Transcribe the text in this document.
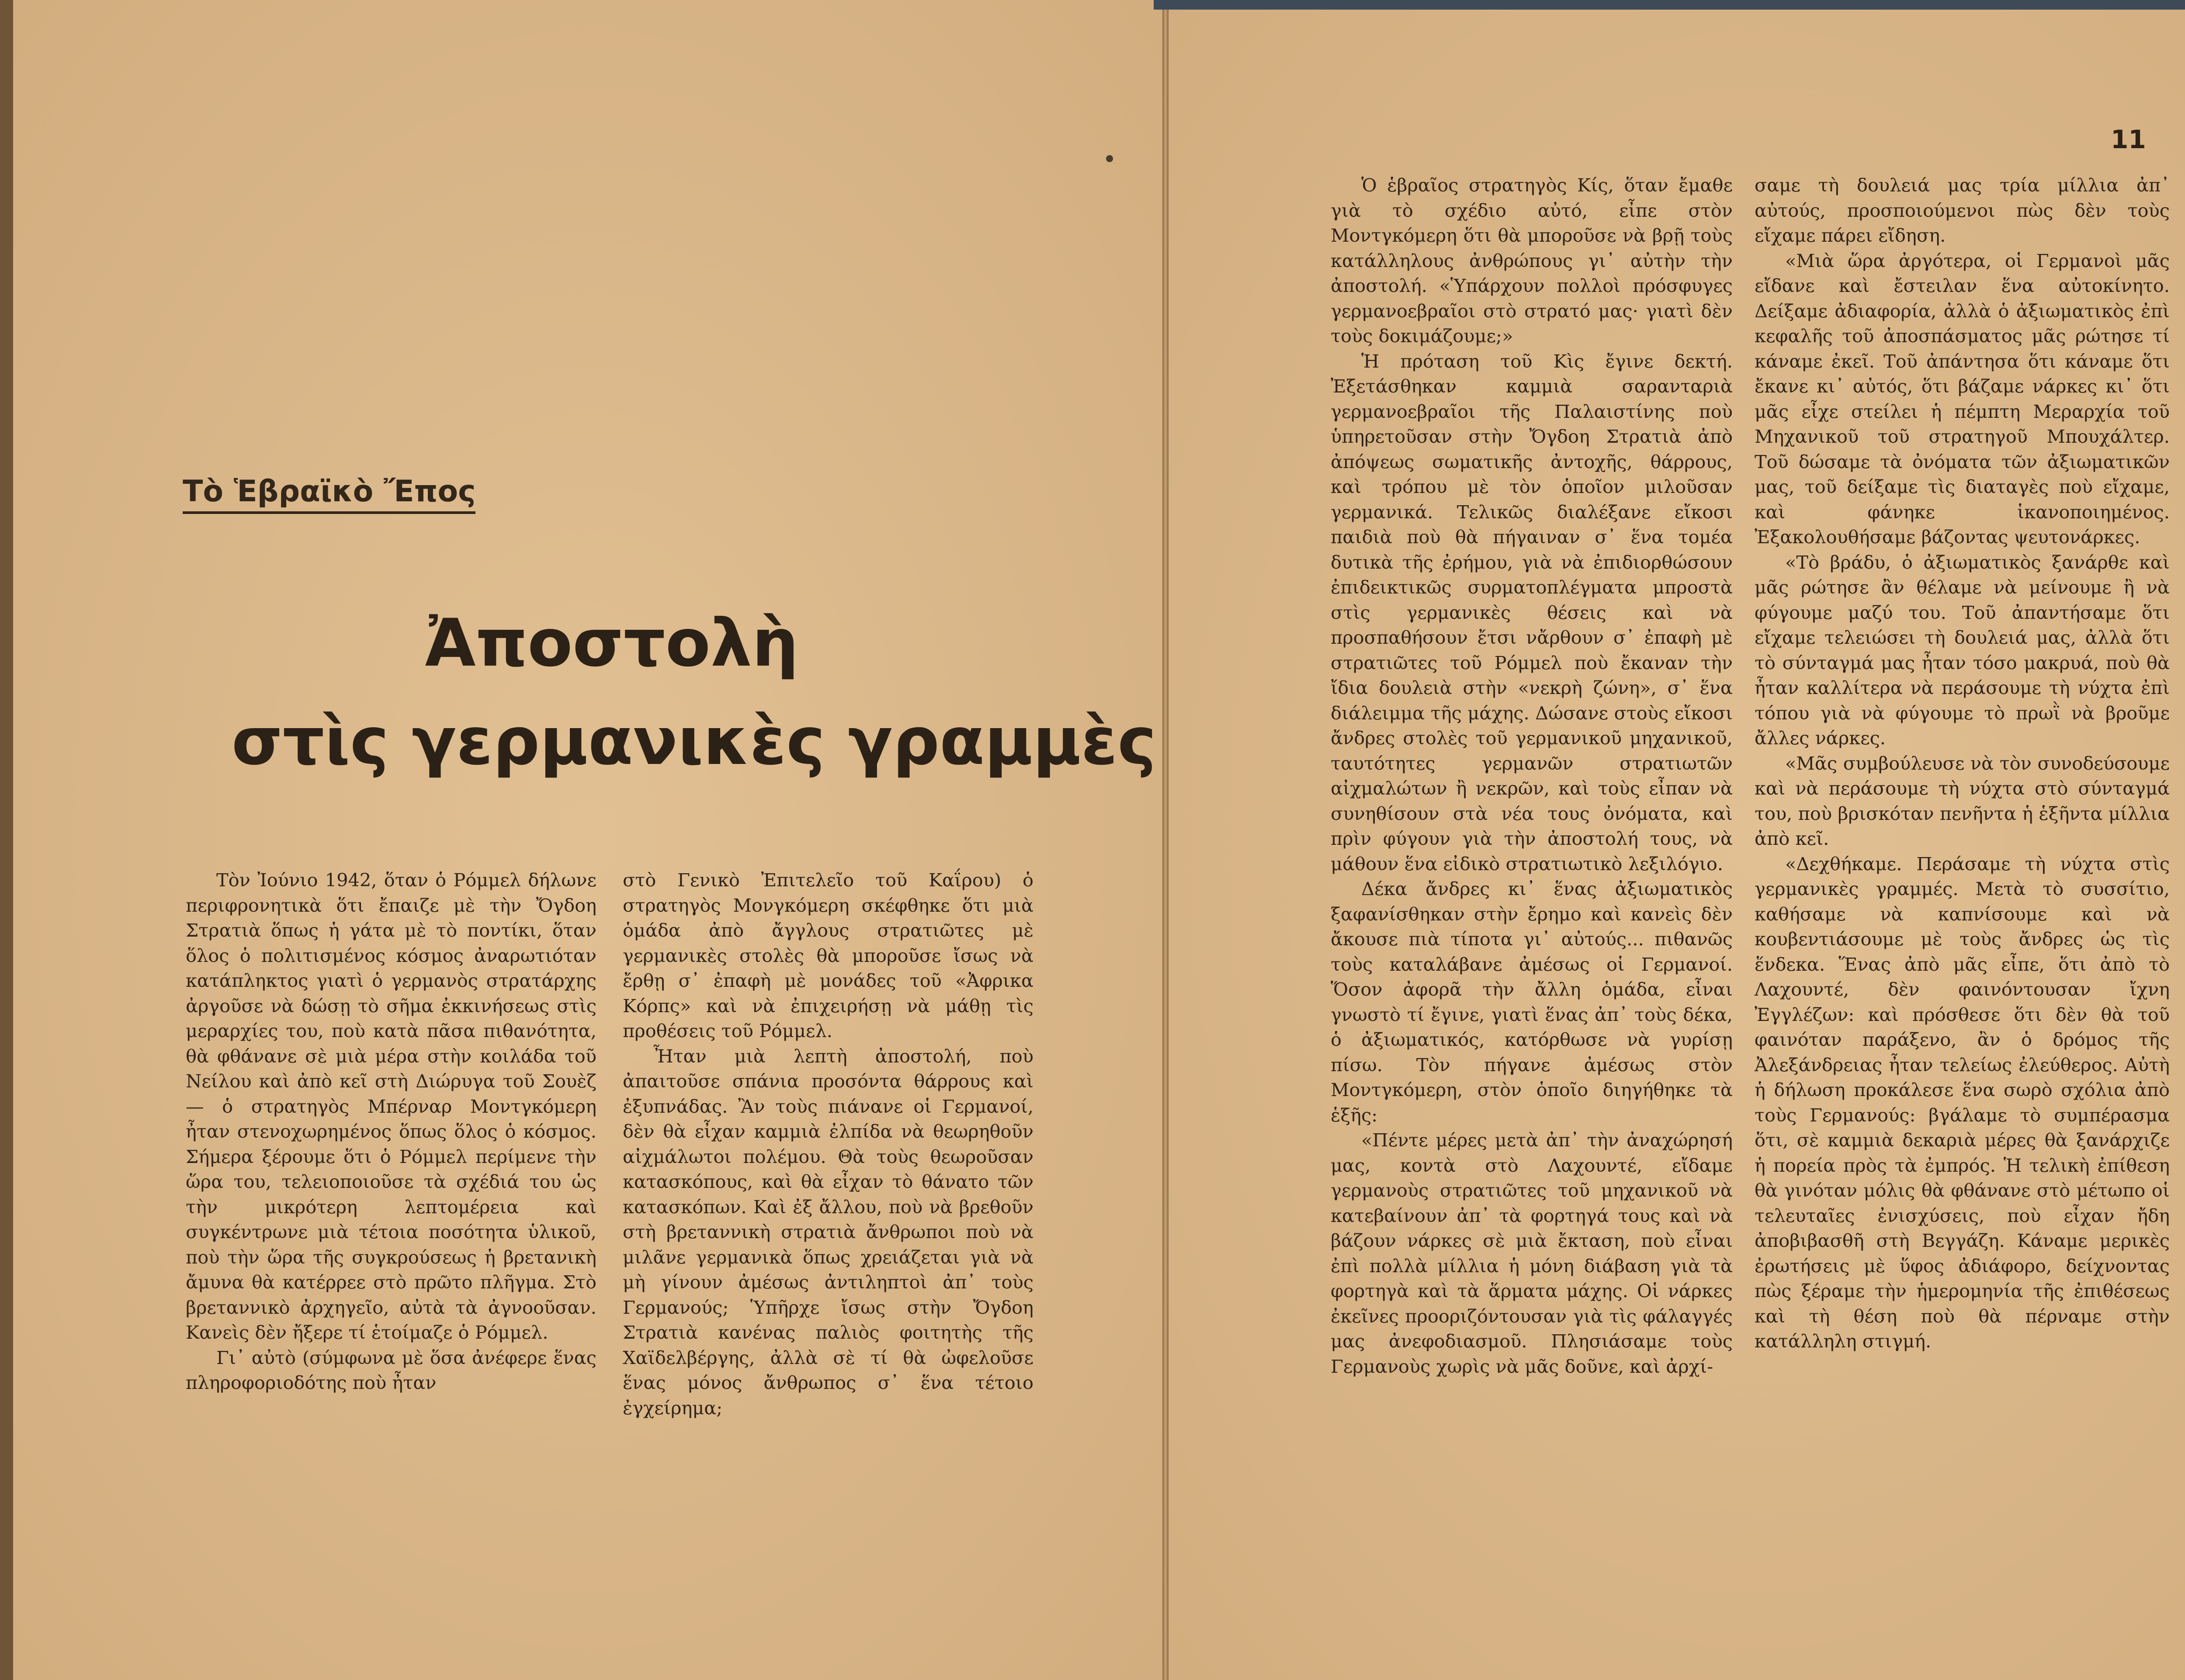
Τὸ Ἑβραϊκὸ Ἔπος
Ἀποστολὴ
στὶς γερμανικὲς γραμμὲς
11

Τὸν Ἰούνιο 1942, ὅταν ὁ Ρόμμελ δήλωνε περιφρονητικὰ ὅτι ἔπαιζε μὲ τὴν Ὄγδοη Στρατιὰ ὅπως ἡ γάτα μὲ τὸ ποντίκι, ὅταν ὅλος ὁ πολιτισμένος κόσμος ἀναρωτιόταν κατάπληκτος γιατὶ ὁ γερμανὸς στρατάρχης ἀργοῦσε νὰ δώσῃ τὸ σῆμα ἐκκινήσεως στὶς μεραρχίες του, ποὺ κατὰ πᾶσα πιθανότητα, θὰ φθάνανε σὲ μιὰ μέρα στὴν κοιλάδα τοῦ Νείλου καὶ ἀπὸ κεῖ στὴ Διώρυγα τοῦ Σουὲζ — ὁ στρατηγὸς Μπέρναρ Μοντγκόμερη ἦταν στενοχωρημένος ὅπως ὅλος ὁ κόσμος. Σήμερα ξέρουμε ὅτι ὁ Ρόμμελ περίμενε τὴν ὥρα του, τελειοποιοῦσε τὰ σχέδιά του ὡς τὴν μικρότερη λεπτομέρεια καὶ συγκέντρωνε μιὰ τέτοια ποσότητα ὑλικοῦ, ποὺ τὴν ὥρα τῆς συγκρούσεως ἡ βρετανικὴ ἄμυνα θὰ κατέρρεε στὸ πρῶτο πλῆγμα. Στὸ βρεταννικὸ ἀρχηγεῖο, αὐτὰ τὰ ἀγνοοῦσαν. Κανεὶς δὲν ἤξερε τί ἑτοίμαζε ὁ Ρόμμελ.

Γι᾿ αὐτὸ (σύμφωνα μὲ ὅσα ἀνέφερε ἕνας πληροφοριοδότης ποὺ ἦταν

στὸ Γενικὸ Ἐπιτελεῖο τοῦ Καΐρου) ὁ στρατηγὸς Μονγκόμερη σκέφθηκε ὅτι μιὰ ὁμάδα ἀπὸ ἄγγλους στρατιῶτες μὲ γερμανικὲς στολὲς θὰ μποροῦσε ἴσως νὰ ἔρθῃ σ᾿ ἐπαφὴ μὲ μονάδες τοῦ «Ἀφρικα Κόρπς» καὶ νὰ ἐπιχειρήσῃ νὰ μάθῃ τὶς προθέσεις τοῦ Ρόμμελ.

Ἦταν μιὰ λεπτὴ ἀποστολή, ποὺ ἀπαιτοῦσε σπάνια προσόντα θάρρους καὶ ἐξυπνάδας. Ἂν τοὺς πιάνανε οἱ Γερμανοί, δὲν θὰ εἶχαν καμμιὰ ἐλπίδα νὰ θεωρηθοῦν αἰχμάλωτοι πολέμου. Θὰ τοὺς θεωροῦσαν κατασκόπους, καὶ θὰ εἶχαν τὸ θάνατο τῶν κατασκόπων. Καὶ ἐξ ἄλλου, ποὺ νὰ βρεθοῦν στὴ βρεταννικὴ στρατιὰ ἄνθρωποι ποὺ νὰ μιλᾶνε γερμανικὰ ὅπως χρειάζεται γιὰ νὰ μὴ γίνουν ἀμέσως ἀντιληπτοὶ ἀπ᾿ τοὺς Γερμανούς; Ὑπῆρχε ἴσως στὴν Ὄγδοη Στρατιὰ κανένας παλιὸς φοιτητὴς τῆς Χαϊδελβέργης, ἀλλὰ σὲ τί θὰ ὠφελοῦσε ἕνας μόνος ἄνθρωπος σ᾿ ἕνα τέτοιο ἐγχείρημα;

Ὁ ἑβραῖος στρατηγὸς Κίς, ὅταν ἔμαθε γιὰ τὸ σχέδιο αὐτό, εἶπε στὸν Μοντγκόμερη ὅτι θὰ μποροῦσε νὰ βρῇ τοὺς κατάλληλους ἀνθρώπους γι᾿ αὐτὴν τὴν ἀποστολή. «Ὑπάρχουν πολλοὶ πρόσφυγες γερμανοεβραῖοι στὸ στρατό μας· γιατὶ δὲν τοὺς δοκιμάζουμε;»

Ἡ πρόταση τοῦ Κὶς ἔγινε δεκτή. Ἐξετάσθηκαν καμμιὰ σαρανταριὰ γερμανοεβραῖοι τῆς Παλαιστίνης ποὺ ὑπηρετοῦσαν στὴν Ὄγδοη Στρατιὰ ἀπὸ ἀπόψεως σωματικῆς ἀντοχῆς, θάρρους, καὶ τρόπου μὲ τὸν ὁποῖον μιλοῦσαν γερμανικά. Τελικῶς διαλέξανε εἴκοσι παιδιὰ ποὺ θὰ πήγαιναν σ᾿ ἕνα τομέα δυτικὰ τῆς ἐρήμου, γιὰ νὰ ἐπιδιορθώσουν ἐπιδεικτικῶς συρματοπλέγματα μπροστὰ στὶς γερμανικὲς θέσεις καὶ νὰ προσπαθήσουν ἔτσι νἄρθουν σ᾿ ἐπαφὴ μὲ στρατιῶτες τοῦ Ρόμμελ ποὺ ἔκαναν τὴν ἴδια δουλειὰ στὴν «νεκρὴ ζώνη», σ᾿ ἕνα διάλειμμα τῆς μάχης. Δώσανε στοὺς εἴκοσι ἄνδρες στολὲς τοῦ γερμανικοῦ μηχανικοῦ, ταυτότητες γερμανῶν στρατιωτῶν αἰχμαλώτων ἢ νεκρῶν, καὶ τοὺς εἶπαν νὰ συνηθίσουν στὰ νέα τους ὀνόματα, καὶ πρὶν φύγουν γιὰ τὴν ἀποστολή τους, νὰ μάθουν ἕνα εἰδικὸ στρατιωτικὸ λεξιλόγιο.

Δέκα ἄνδρες κι᾿ ἕνας ἀξιωματικὸς ξαφανίσθηκαν στὴν ἔρημο καὶ κανεὶς δὲν ἄκουσε πιὰ τίποτα γι᾿ αὐτούς... πιθανῶς τοὺς καταλάβανε ἀμέσως οἱ Γερμανοί. Ὅσον ἀφορᾶ τὴν ἄλλη ὁμάδα, εἶναι γνωστὸ τί ἔγινε, γιατὶ ἕνας ἀπ᾿ τοὺς δέκα, ὁ ἀξιωματικός, κατόρθωσε νὰ γυρίσῃ πίσω. Τὸν πήγανε ἀμέσως στὸν Μοντγκόμερη, στὸν ὁποῖο διηγήθηκε τὰ ἑξῆς:

«Πέντε μέρες μετὰ ἀπ᾿ τὴν ἀναχώρησή μας, κοντὰ στὸ Λαχουντέ, εἴδαμε γερμανοὺς στρατιῶτες τοῦ μηχανικοῦ νὰ κατεβαίνουν ἀπ᾿ τὰ φορτηγά τους καὶ νὰ βάζουν νάρκες σὲ μιὰ ἔκταση, ποὺ εἶναι ἐπὶ πολλὰ μίλλια ἡ μόνη διάβαση γιὰ τὰ φορτηγὰ καὶ τὰ ἅρματα μάχης. Οἱ νάρκες ἐκεῖνες προοριζόντουσαν γιὰ τὶς φάλαγγές μας ἀνεφοδιασμοῦ. Πλησιάσαμε τοὺς Γερμανοὺς χωρὶς νὰ μᾶς δοῦνε, καὶ ἀρχί-

σαμε τὴ δουλειά μας τρία μίλλια ἀπ᾿ αὐτούς, προσποιούμενοι πὼς δὲν τοὺς εἴχαμε πάρει εἴδηση.

«Μιὰ ὥρα ἀργότερα, οἱ Γερμανοὶ μᾶς εἴδανε καὶ ἔστειλαν ἕνα αὐτοκίνητο. Δείξαμε ἀδιαφορία, ἀλλὰ ὁ ἀξιωματικὸς ἐπὶ κεφαλῆς τοῦ ἀποσπάσματος μᾶς ρώτησε τί κάναμε ἐκεῖ. Τοῦ ἀπάντησα ὅτι κάναμε ὅτι ἔκανε κι᾿ αὐτός, ὅτι βάζαμε νάρκες κι᾿ ὅτι μᾶς εἶχε στείλει ἡ πέμπτη Μεραρχία τοῦ Μηχανικοῦ τοῦ στρατηγοῦ Μπουχάλτερ. Τοῦ δώσαμε τὰ ὀνόματα τῶν ἀξιωματικῶν μας, τοῦ δείξαμε τὶς διαταγὲς ποὺ εἴχαμε, καὶ φάνηκε ἱκανοποιημένος. Ἐξακολουθήσαμε βάζοντας ψευτονάρκες.

«Τὸ βράδυ, ὁ ἀξιωματικὸς ξανάρθε καὶ μᾶς ρώτησε ἂν θέλαμε νὰ μείνουμε ἢ νὰ φύγουμε μαζύ του. Τοῦ ἀπαντήσαμε ὅτι εἴχαμε τελειώσει τὴ δουλειά μας, ἀλλὰ ὅτι τὸ σύνταγμά μας ἦταν τόσο μακρυά, ποὺ θὰ ἦταν καλλίτερα νὰ περάσουμε τὴ νύχτα ἐπὶ τόπου γιὰ νὰ φύγουμε τὸ πρωῒ νὰ βροῦμε ἄλλες νάρκες.

«Μᾶς συμβούλευσε νὰ τὸν συνοδεύσουμε καὶ νὰ περάσουμε τὴ νύχτα στὸ σύνταγμά του, ποὺ βρισκόταν πενῆντα ἡ ἑξῆντα μίλλια ἀπὸ κεῖ.

«Δεχθήκαμε. Περάσαμε τὴ νύχτα στὶς γερμανικὲς γραμμές. Μετὰ τὸ συσσίτιο, καθήσαμε νὰ καπνίσουμε καὶ νὰ κουβεντιάσουμε μὲ τοὺς ἄνδρες ὡς τὶς ἕνδεκα. Ἕνας ἀπὸ μᾶς εἶπε, ὅτι ἀπὸ τὸ Λαχουντέ, δὲν φαινόντουσαν ἴχνη Ἐγγλέζων: καὶ πρόσθεσε ὅτι δὲν θὰ τοῦ φαινόταν παράξενο, ἂν ὁ δρόμος τῆς Ἀλεξάνδρειας ἦταν τελείως ἐλεύθερος. Αὐτὴ ἡ δήλωση προκάλεσε ἕνα σωρὸ σχόλια ἀπὸ τοὺς Γερμανούς: βγάλαμε τὸ συμπέρασμα ὅτι, σὲ καμμιὰ δεκαριὰ μέρες θὰ ξανάρχιζε ἡ πορεία πρὸς τὰ ἐμπρός. Ἡ τελικὴ ἐπίθεση θὰ γινόταν μόλις θὰ φθάνανε στὸ μέτωπο οἱ τελευταῖες ἐνισχύσεις, ποὺ εἶχαν ἤδη ἀποβιβασθῆ στὴ Βεγγάζη. Κάναμε μερικὲς ἐρωτήσεις μὲ ὕφος ἀδιάφορο, δείχνοντας πὼς ξέραμε τὴν ἡμερομηνία τῆς ἐπιθέσεως καὶ τὴ θέση ποὺ θὰ πέρναμε στὴν κατάλληλη στιγμή.
